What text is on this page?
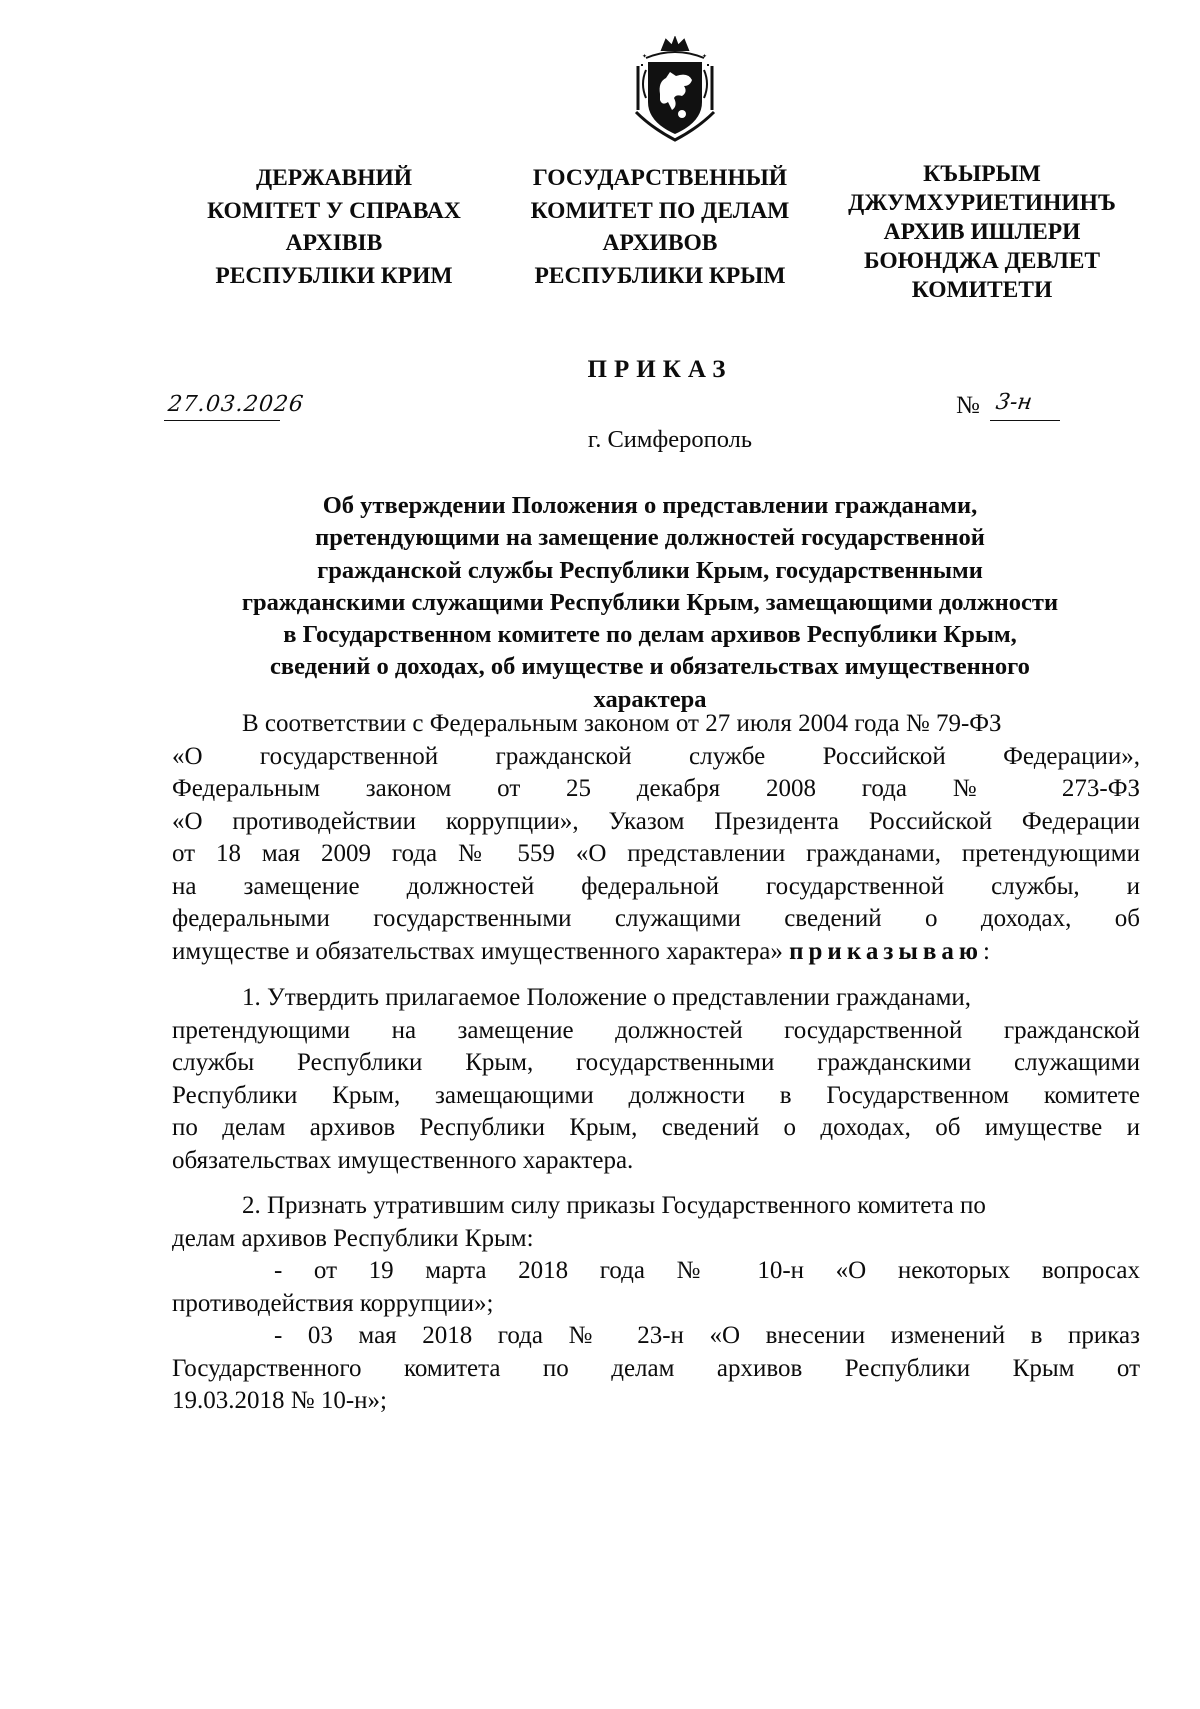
✦	✦
ДЕРЖАВНИЙ
КОМІТЕТ У СПРАВАХ
АРХІВІВ
РЕСПУБЛІКИ КРИМ
ГОСУДАРСТВЕННЫЙ
КОМИТЕТ ПО ДЕЛАМ
АРХИВОВ
РЕСПУБЛИКИ КРЫМ
КЪЫРЫМ
ДЖУМХУРИЕТИНИНЪ
АРХИВ ИШЛЕРИ
БОЮНДЖА ДЕВЛЕТ
КОМИТЕТИ
ПРИКАЗ
27.03.2026	№ 3-н
г. Симферополь
Об утверждении Положения о представлении гражданами,
претендующими на замещение должностей государственной
гражданской службы Республики Крым, государственными
гражданскими служащими Республики Крым, замещающими должности
в Государственном комитете по делам архивов Республики Крым,
сведений о доходах, об имуществе и обязательствах имущественного
характера
В соответствии с Федеральным законом от 27 июля 2004 года № 79-ФЗ
«О государственной гражданской службе Российской Федерации»,
Федеральным законом от 25 декабря 2008 года № 273-ФЗ
«О противодействии коррупции», Указом Президента Российской Федерации
от 18 мая 2009 года № 559 «О представлении гражданами, претендующими
на замещение должностей федеральной государственной службы, и
федеральными государственными служащими сведений о доходах, об
имуществе и обязательствах имущественного характера» приказываю:
1. Утвердить прилагаемое Положение о представлении гражданами,
претендующими на замещение должностей государственной гражданской
службы Республики Крым, государственными гражданскими служащими
Республики Крым, замещающими должности в Государственном комитете
по делам архивов Республики Крым, сведений о доходах, об имуществе и
обязательствах имущественного характера.
2. Признать утратившим силу приказы Государственного комитета по
делам архивов Республики Крым:
- от 19 марта 2018 года № 10-н «О некоторых вопросах
противодействия коррупции»;
- 03 мая 2018 года № 23-н «О внесении изменений в приказ
Государственного комитета по делам архивов Республики Крым от
19.03.2018 № 10-н»;
